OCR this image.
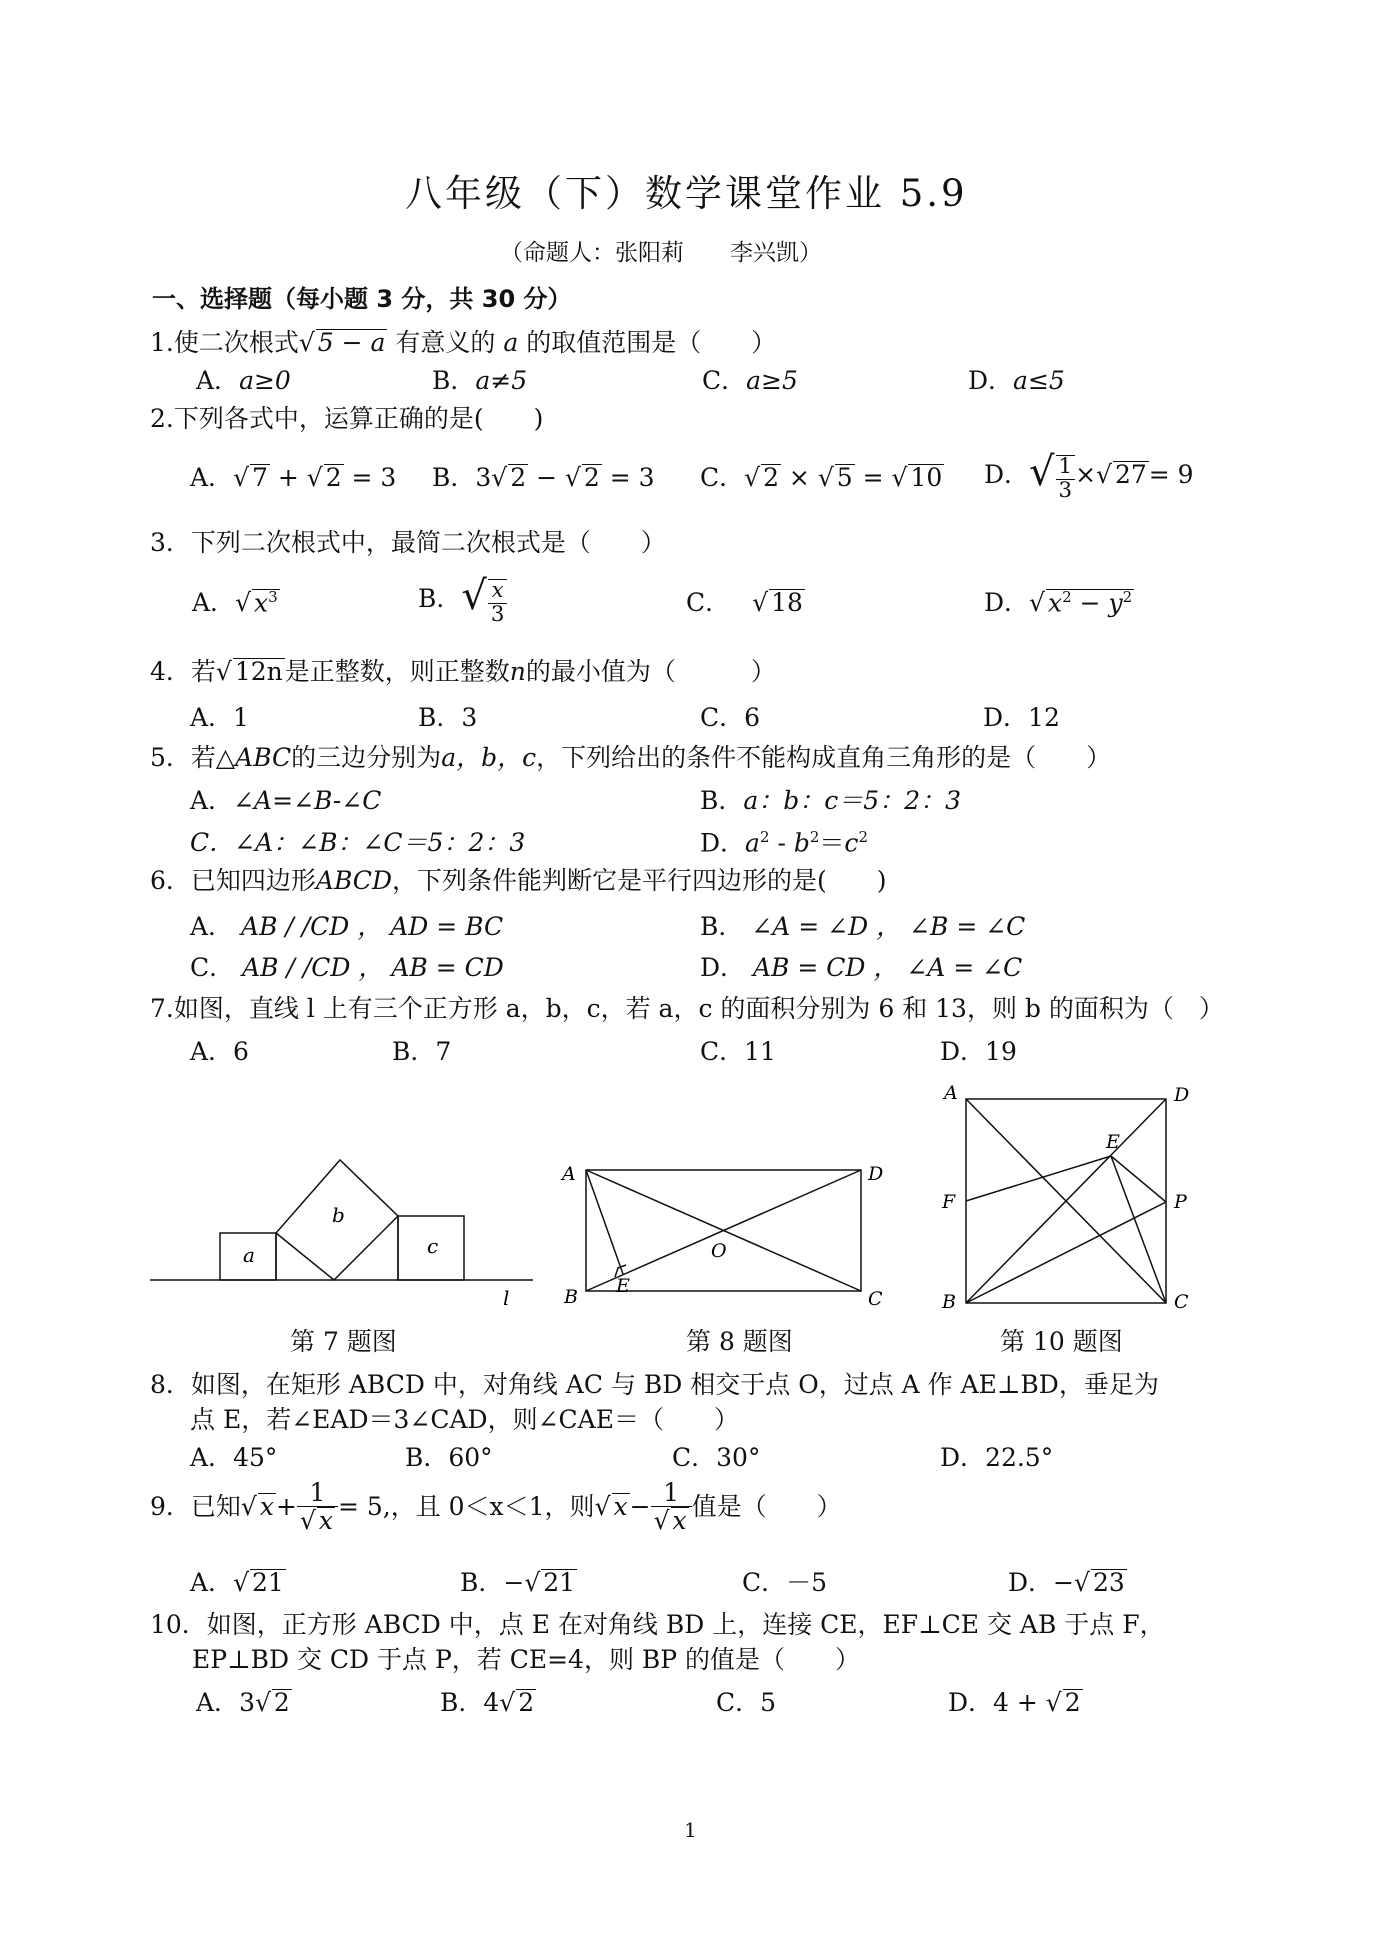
八年级（下）数学课堂作业 5.9
（命题人：张阳莉　　李兴凯）
一、选择题（每小题 3 分，共 30 分）
1.使二次根式√ 5 − a 有意义的 a 的取值范围是（　　）
A．a≥0	B．a≠5	C．a≥5	D．a≤5
2.下列各式中，运算正确的是(　　)
A．√ 7 + √ 2 = 3 B．3√ 2 − √ 2 = 3 C．√ 2 × √ 5 = √ 10 D． √ $\frac{1}{3}$ × √ 27 = 9
3．下列二次根式中，最简二次根式是（　　）
A．√ $x^3$	B． √ $\frac{x}{3}$	C． √ 18	D．√ $x^2 - y^2$
4．若√ 12n是正整数，则正整数n的最小值为（　　　）
A．1	B．3	C．6	D．12
5．若△ABC的三边分别为a，b，c，下列给出的条件不能构成直角三角形的是（　　）
A．∠A=∠B-∠C	B．a：b：c＝5：2：3
C．∠A：∠B：∠C＝5：2：3	D．$a^2 - b^2=c^2$
6．已知四边形ABCD，下列条件能判断它是平行四边形的是(　　)
A． AB / /CD ， AD = BC	B． ∠A = ∠D ， ∠B = ∠C
C． AB / /CD ， AB = CD	D． AB = CD ， ∠A = ∠C
7.如图，直线 l 上有三个正方形 a，b，c，若 a，c 的面积分别为 6 和 13，则 b 的面积为（　）
A．6	B．7	C．11	D．19
a
b
c
l
第 7 题图
A	D
B	C
O
E
第 8 题图
A	D
E
F	P
B	C
第 10 题图
8．如图，在矩形 ABCD 中，对角线 AC 与 BD 相交于点 O，过点 A 作 AE⊥BD，垂足为
点 E，若∠EAD＝3∠CAD，则∠CAE＝（　　）
A．45°	B．60°	C．30°	D．22.5°
9．已知 √ $x + \frac{1}{√ x} = 5$,，且 0＜x＜1，则 √ $x - \frac{1}{√ x}$ 值是（　　）
A．√ 21	B．−√ 21	C．－5	D．−√ 23
10．如图，正方形 ABCD 中，点 E 在对角线 BD 上，连接 CE，EF⊥CE 交 AB 于点 F，
EP⊥BD 交 CD 于点 P，若 CE=4，则 BP 的值是（　　）
A．3√ 2	B．4√ 2	C．5	D．4 + √ 2
1
